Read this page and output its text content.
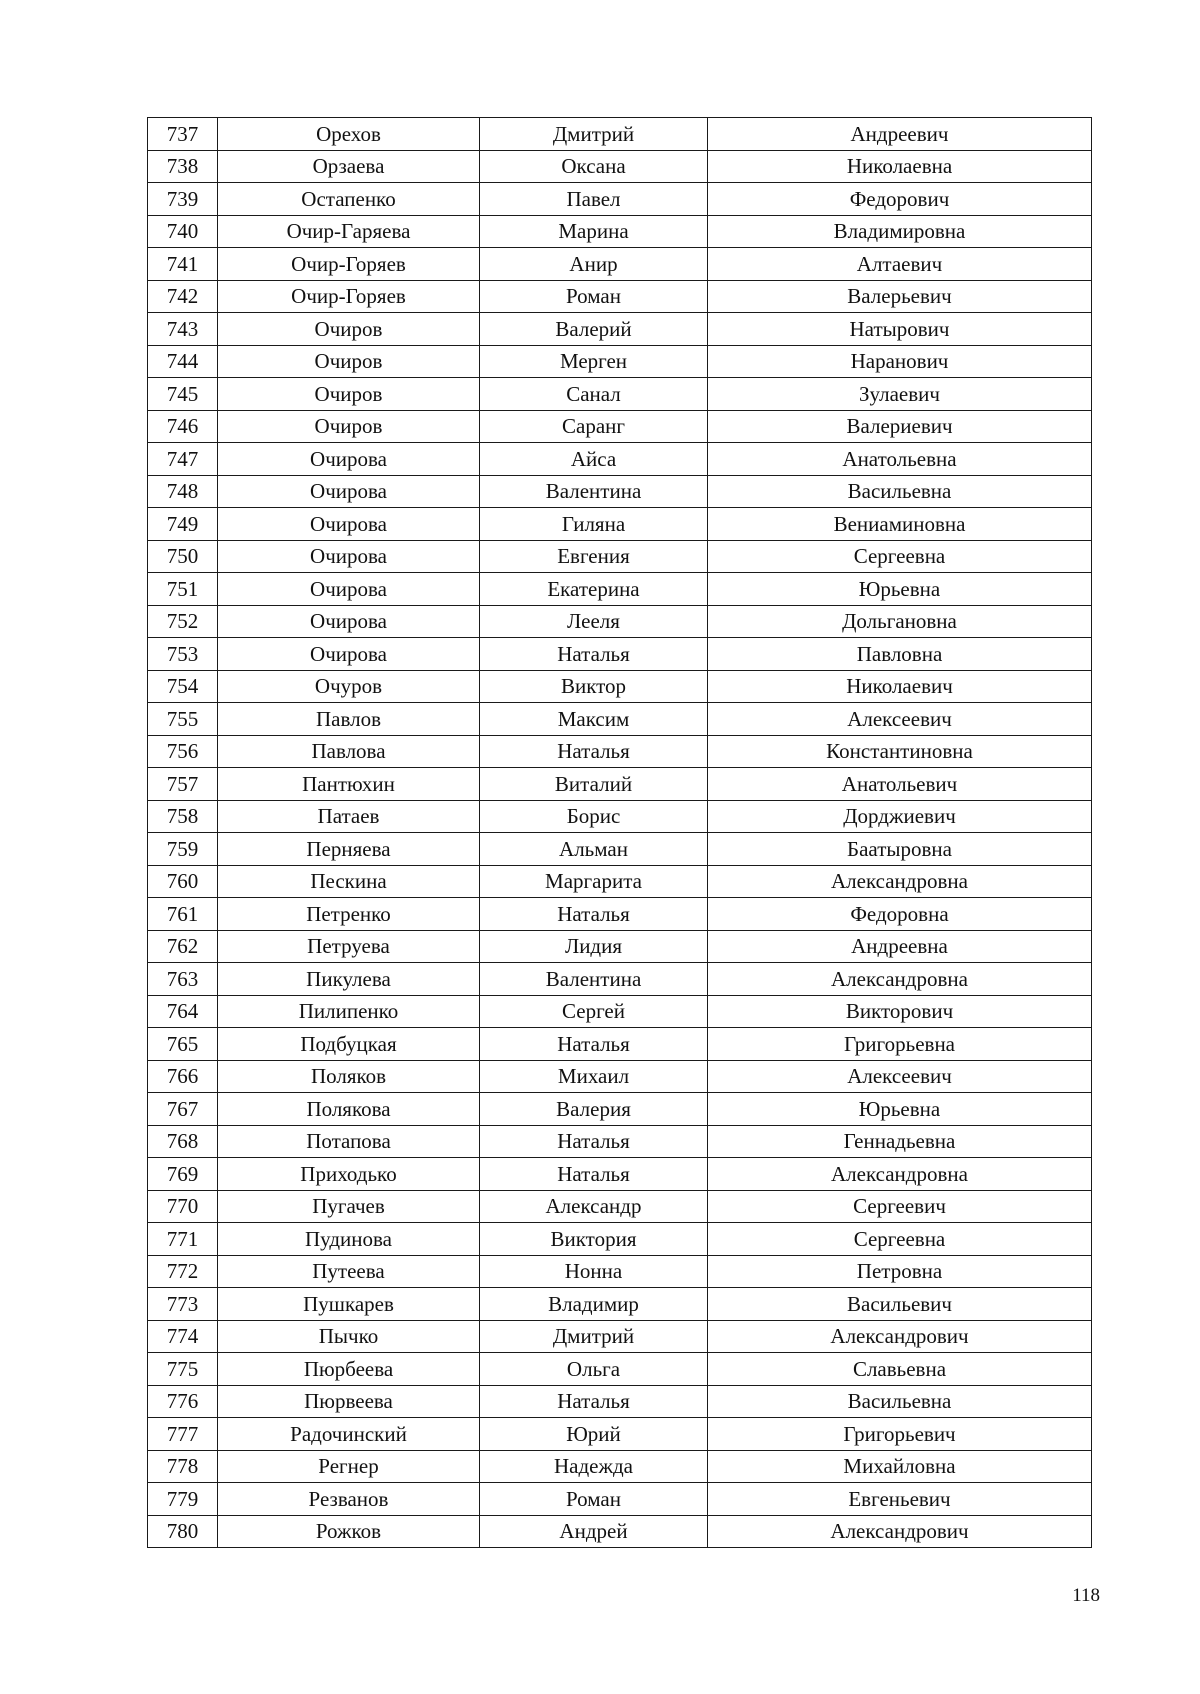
737	Орехов	Дмитрий	Андреевич
738	Орзаева	Оксана	Николаевна
739	Остапенко	Павел	Федорович
740	Очир-Гаряева	Марина	Владимировна
741	Очир-Горяев	Анир	Алтаевич
742	Очир-Горяев	Роман	Валерьевич
743	Очиров	Валерий	Натырович
744	Очиров	Мерген	Наранович
745	Очиров	Санал	Зулаевич
746	Очиров	Саранг	Валериевич
747	Очирова	Айса	Анатольевна
748	Очирова	Валентина	Васильевна
749	Очирова	Гиляна	Вениаминовна
750	Очирова	Евгения	Сергеевна
751	Очирова	Екатерина	Юрьевна
752	Очирова	Лееля	Дольгановна
753	Очирова	Наталья	Павловна
754	Очуров	Виктор	Николаевич
755	Павлов	Максим	Алексеевич
756	Павлова	Наталья	Константиновна
757	Пантюхин	Виталий	Анатольевич
758	Патаев	Борис	Дорджиевич
759	Перняева	Альман	Баатыровна
760	Пескина	Маргарита	Александровна
761	Петренко	Наталья	Федоровна
762	Петруева	Лидия	Андреевна
763	Пикулева	Валентина	Александровна
764	Пилипенко	Сергей	Викторович
765	Подбуцкая	Наталья	Григорьевна
766	Поляков	Михаил	Алексеевич
767	Полякова	Валерия	Юрьевна
768	Потапова	Наталья	Геннадьевна
769	Приходько	Наталья	Александровна
770	Пугачев	Александр	Сергеевич
771	Пудинова	Виктория	Сергеевна
772	Путеева	Нонна	Петровна
773	Пушкарев	Владимир	Васильевич
774	Пычко	Дмитрий	Александрович
775	Пюрбеева	Ольга	Славьевна
776	Пюрвеева	Наталья	Васильевна
777	Радочинский	Юрий	Григорьевич
778	Регнер	Надежда	Михайловна
779	Резванов	Роман	Евгеньевич
780	Рожков	Андрей	Александрович
118
